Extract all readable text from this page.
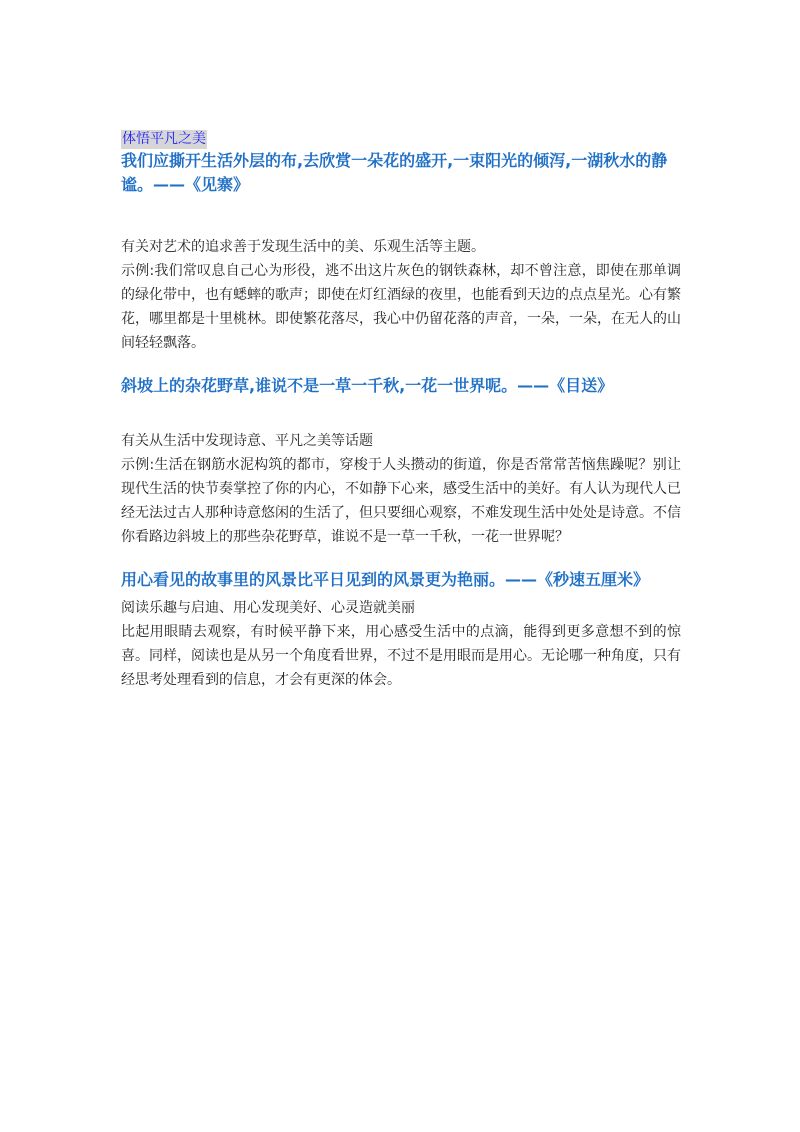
体悟平凡之美

我们应撕开生活外层的布,去欣赏一朵花的盛开,一束阳光的倾泻,一湖秋水的静谧。——《见寨》

有关对艺术的追求善于发现生活中的美、乐观生活等主题。

示例:我们常叹息自己心为形役，逃不出这片灰色的钢铁森林，却不曾注意，即使在那单调的绿化带中，也有蟋蟀的歌声；即使在灯红酒绿的夜里，也能看到天边的点点星光。心有繁花，哪里都是十里桃林。即使繁花落尽，我心中仍留花落的声音，一朵，一朵，在无人的山间轻轻飘落。

斜坡上的杂花野草,谁说不是一草一千秋,一花一世界呢。——《目送》

有关从生活中发现诗意、平凡之美等话题

示例:生活在钢筋水泥构筑的都市，穿梭于人头攒动的街道，你是否常常苦恼焦躁呢？别让现代生活的快节奏掌控了你的内心，不如静下心来，感受生活中的美好。有人认为现代人已经无法过古人那种诗意悠闲的生活了，但只要细心观察，不难发现生活中处处是诗意。不信你看路边斜坡上的那些杂花野草，谁说不是一草一千秋，一花一世界呢？

用心看见的故事里的风景比平日见到的风景更为艳丽。——《秒速五厘米》

阅读乐趣与启迪、用心发现美好、心灵造就美丽

比起用眼睛去观察，有时候平静下来，用心感受生活中的点滴，能得到更多意想不到的惊喜。同样，阅读也是从另一个角度看世界，不过不是用眼而是用心。无论哪一种角度，只有经思考处理看到的信息，才会有更深的体会。
